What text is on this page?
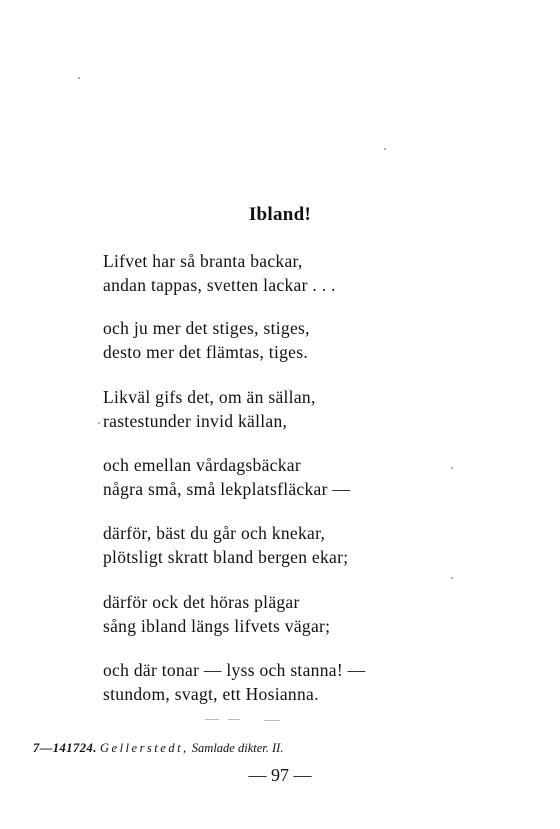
Ibland!
Lifvet har så branta backar,
andan tappas, svetten lackar . . .
och ju mer det stiges, stiges,
desto mer det flämtas, tiges.
Likväl gifs det, om än sällan,
rastestunder invid källan,
och emellan vårdagsbäckar
några små, små lekplatsfläckar —
därför, bäst du går och knekar,
plötsligt skratt bland bergen ekar;
därför ock det höras plägar
sång ibland längs lifvets vägar;
och där tonar — lyss och stanna! —
stundom, svagt, ett Hosianna.
7—141724. Gellerstedt, Samlade dikter. II.
— 97 —
